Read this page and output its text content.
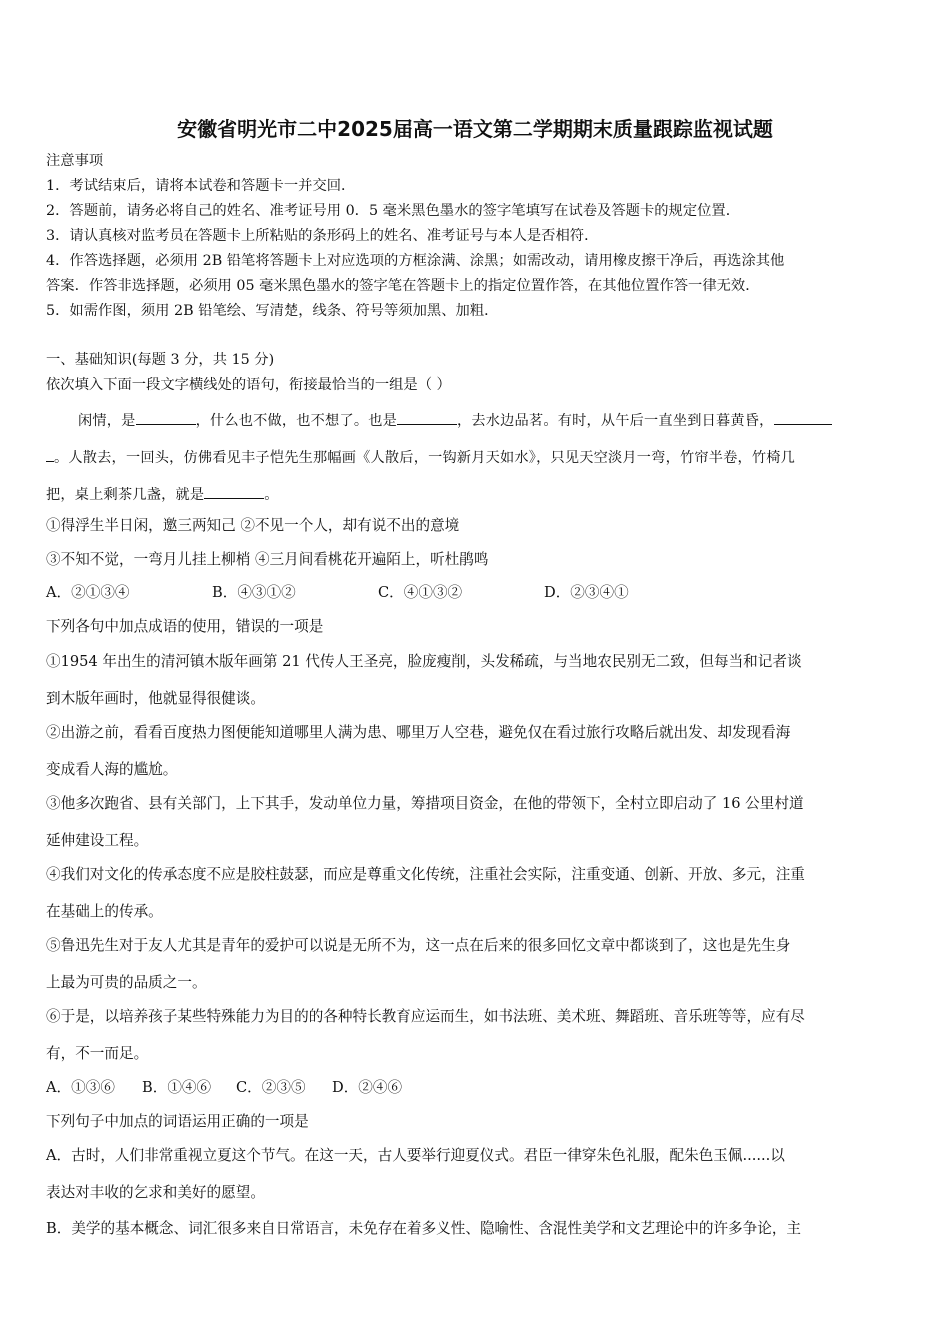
安徽省明光市二中2025届高一语文第二学期期末质量跟踪监视试题
注意事项
1．考试结束后，请将本试卷和答题卡一并交回．
2．答题前，请务必将自己的姓名、准考证号用 0．5 毫米黑色墨水的签字笔填写在试卷及答题卡的规定位置．
3．请认真核对监考员在答题卡上所粘贴的条形码上的姓名、准考证号与本人是否相符．
4．作答选择题，必须用 2B 铅笔将答题卡上对应选项的方框涂满、涂黑；如需改动，请用橡皮擦干净后，再选涂其他
答案．作答非选择题，必须用 05 毫米黑色墨水的签字笔在答题卡上的指定位置作答，在其他位置作答一律无效．
5．如需作图，须用 2B 铅笔绘、写清楚，线条、符号等须加黑、加粗．
一、基础知识(每题 3 分，共 15 分)
依次填入下面一段文字横线处的语句，衔接最恰当的一组是（ ）
闲情，是	，什么也不做，也不想了。也是	，去水边品茗。有时，从午后一直坐到日暮黄昏，
。人散去，一回头，仿佛看见丰子恺先生那幅画《人散后，一钩新月天如水》，只见天空淡月一弯，竹帘半卷，竹椅几
把，桌上剩茶几盏，就是	。
①得浮生半日闲，邀三两知己 ②不见一个人，却有说不出的意境
③不知不觉，一弯月儿挂上柳梢 ④三月间看桃花开遍陌上，听杜鹃鸣
A．②①③④	B．④③①②	C．④①③②	D．②③④①
下列各句中加点成语的使用，错误的一项是
①1954 年出生的清河镇木版年画第 21 代传人王圣亮，脸庞瘦削，头发稀疏，与当地农民别无二致，但每当和记者谈
到木版年画时，他就显得很健谈。
②出游之前，看看百度热力图便能知道哪里人满为患、哪里万人空巷，避免仅在看过旅行攻略后就出发、却发现看海
变成看人海的尴尬。
③他多次跑省、县有关部门，上下其手，发动单位力量，筹措项目资金，在他的带领下，全村立即启动了 16 公里村道
延伸建设工程。
④我们对文化的传承态度不应是胶柱鼓瑟，而应是尊重文化传统，注重社会实际，注重变通、创新、开放、多元，注重
在基础上的传承。
⑤鲁迅先生对于友人尤其是青年的爱护可以说是无所不为，这一点在后来的很多回忆文章中都谈到了，这也是先生身
上最为可贵的品质之一。
⑥于是，以培养孩子某些特殊能力为目的的各种特长教育应运而生，如书法班、美术班、舞蹈班、音乐班等等，应有尽
有，不一而足。
A．①③⑥ B．①④⑥ C．②③⑤ D．②④⑥
下列句子中加点的词语运用正确的一项是
A．古时，人们非常重视立夏这个节气。在这一天，古人要举行迎夏仪式。君臣一律穿朱色礼服，配朱色玉佩......以
表达对丰收的乞求和美好的愿望。
B．美学的基本概念、词汇很多来自日常语言，未免存在着多义性、隐喻性、含混性美学和文艺理论中的许多争论，主
